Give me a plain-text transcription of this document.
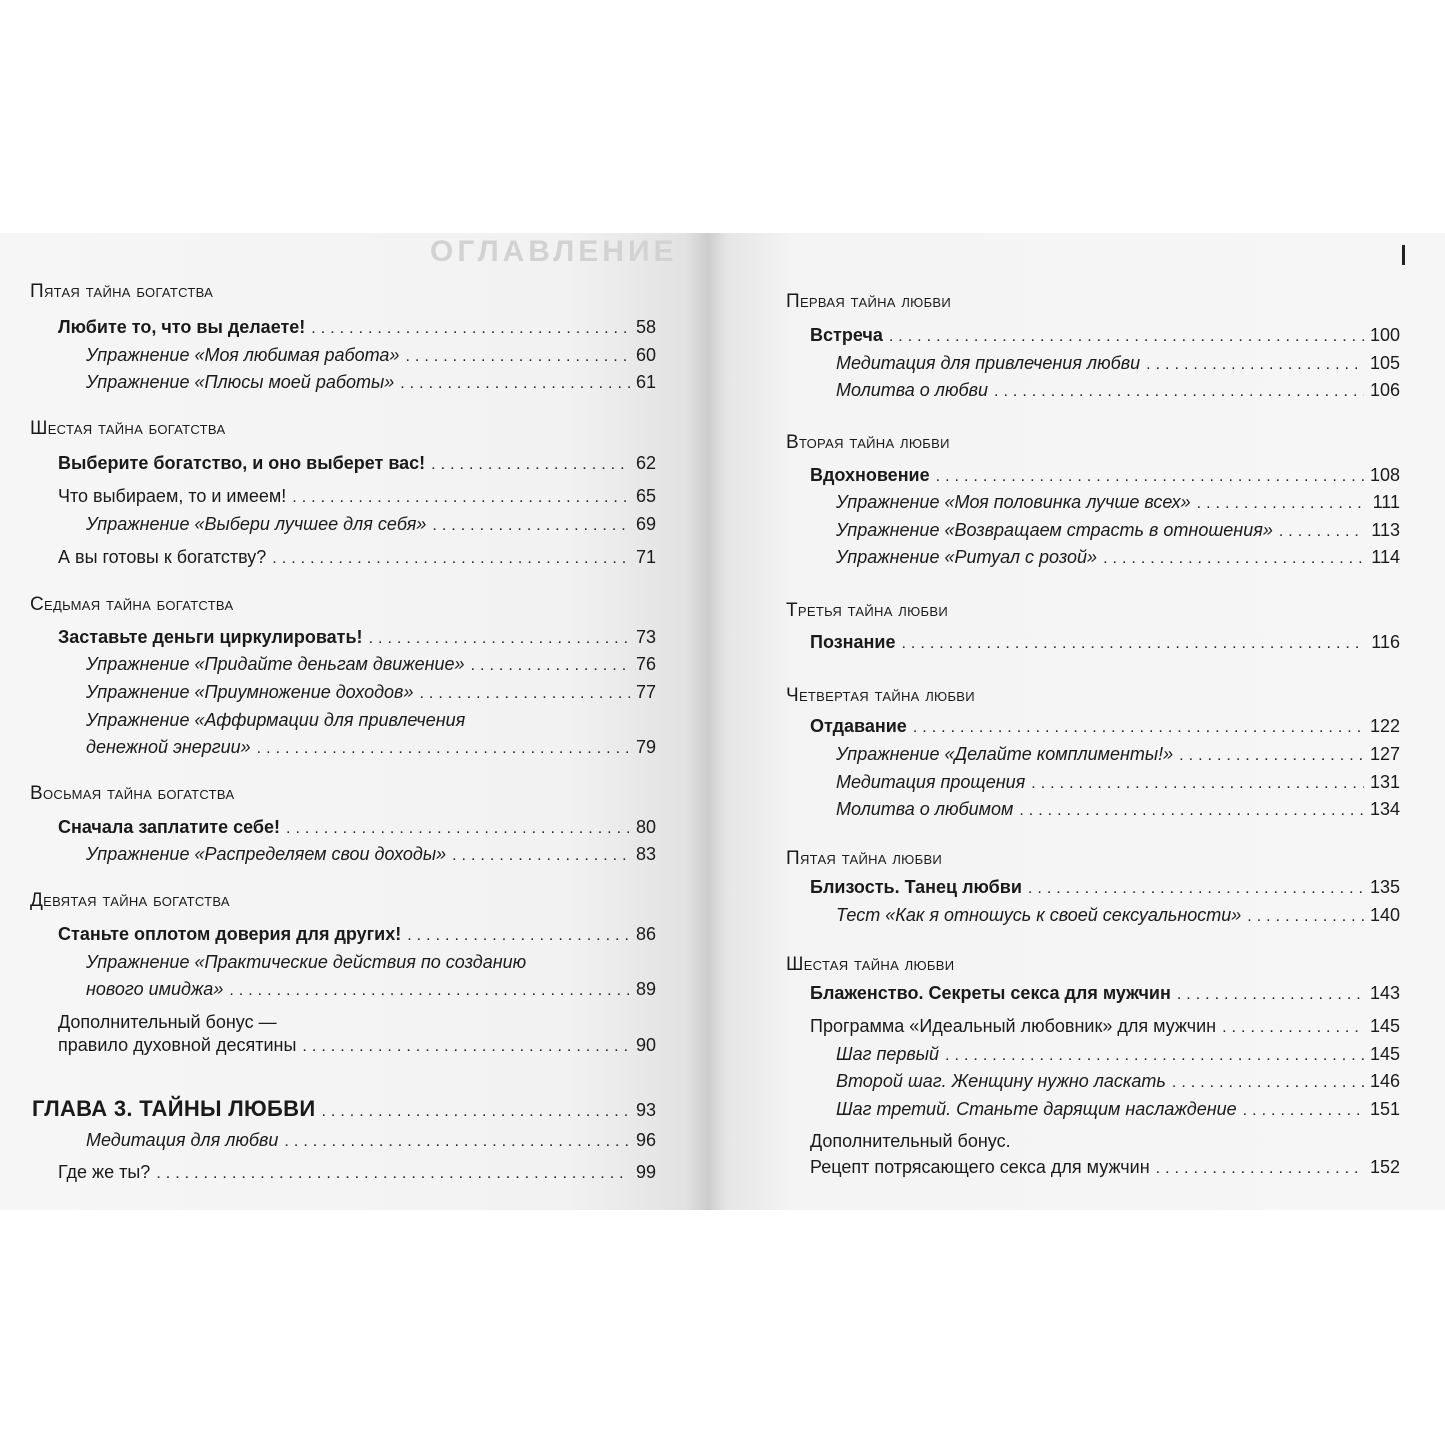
ОГЛАВЛЕНИЕ
Пятая тайна богатства
Любите то, что вы делаете! .....	58
Упражнение «Моя любимая работа» .....	60
Упражнение «Плюсы моей работы» .....	61
Шестая тайна богатства
Выберите богатство, и оно выберет вас! .....	62
Что выбираем, то и имеем! .....	65
Упражнение «Выбери лучшее для себя» .....	69
А вы готовы к богатству? .....	71
Седьмая тайна богатства
Заставьте деньги циркулировать! .....	73
Упражнение «Придайте деньгам движение» .....	76
Упражнение «Приумножение доходов» .....	77
Упражнение «Аффирмации для привлечения
денежной энергии» .....	79
Восьмая тайна богатства
Сначала заплатите себе! .....	80
Упражнение «Распределяем свои доходы» .....	83
Девятая тайна богатства
Станьте оплотом доверия для других! .....	86
Упражнение «Практические действия по созданию
нового имиджа» .....	89
Дополнительный бонус —
правило духовной десятины .....	90
ГЛАВА 3. ТАЙНЫ ЛЮБВИ .....	93
Медитация для любви .....	96
Где же ты? .....	99
Первая тайна любви
Встреча .....	100
Медитация для привлечения любви .....	105
Молитва о любви .....	106
Вторая тайна любви
Вдохновение .....	108
Упражнение «Моя половинка лучше всех» .....	111
Упражнение «Возвращаем страсть в отношения» .....	113
Упражнение «Ритуал с розой» .....	114
Третья тайна любви
Познание .....	116
Четвертая тайна любви
Отдавание .....	122
Упражнение «Делайте комплименты!» .....	127
Медитация прощения .....	131
Молитва о любимом .....	134
Пятая тайна любви
Близость. Танец любви .....	135
Тест «Как я отношусь к своей сексуальности» .....	140
Шестая тайна любви
Блаженство. Секреты секса для мужчин .....	143
Программа «Идеальный любовник» для мужчин .....	145
Шаг первый .....	145
Второй шаг. Женщину нужно ласкать .....	146
Шаг третий. Станьте дарящим наслаждение .....	151
Дополнительный бонус.
Рецепт потрясающего секса для мужчин .....	152
